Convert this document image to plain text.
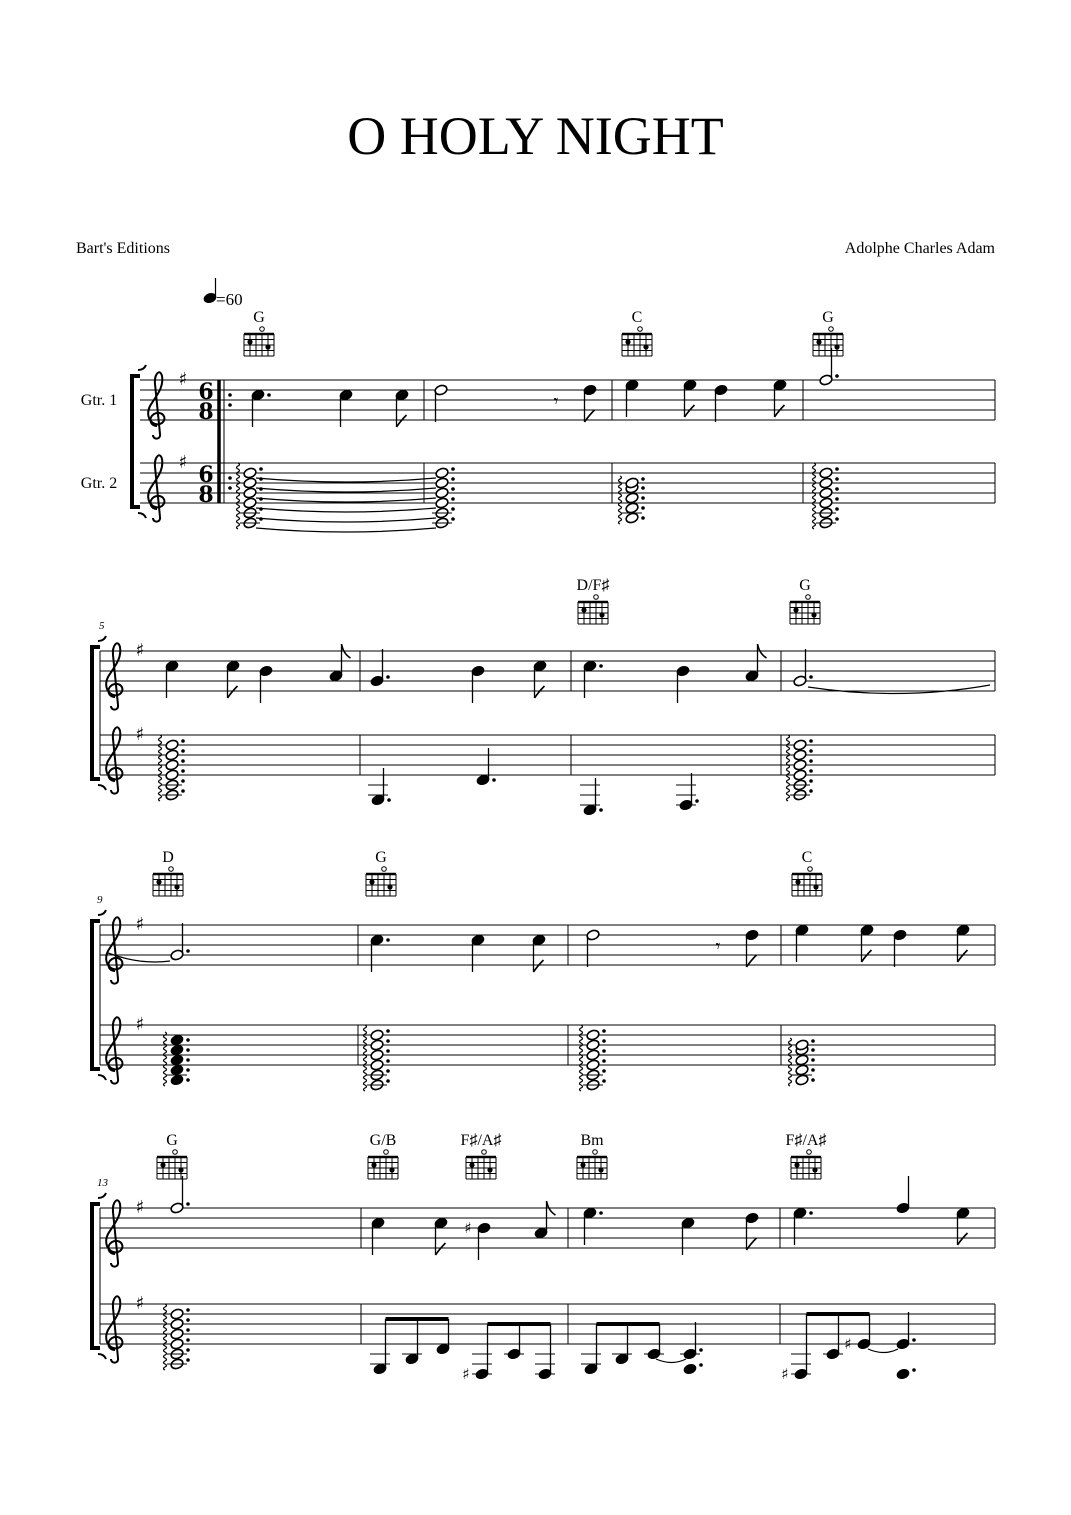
O HOLY NIGHT
Bart's Editions	Adolphe Charles Adam
♯
♯
6
8
6
8
=60
Gtr. 1
Gtr. 2
G	C	G
𝄾
♯
♯
5
D/F♯	G
♯
♯
9
D	G	C
𝄾
♯
♯
13
G	G/B	F♯/A♯	Bm	F♯/A♯
♯
♯	♯
♯
